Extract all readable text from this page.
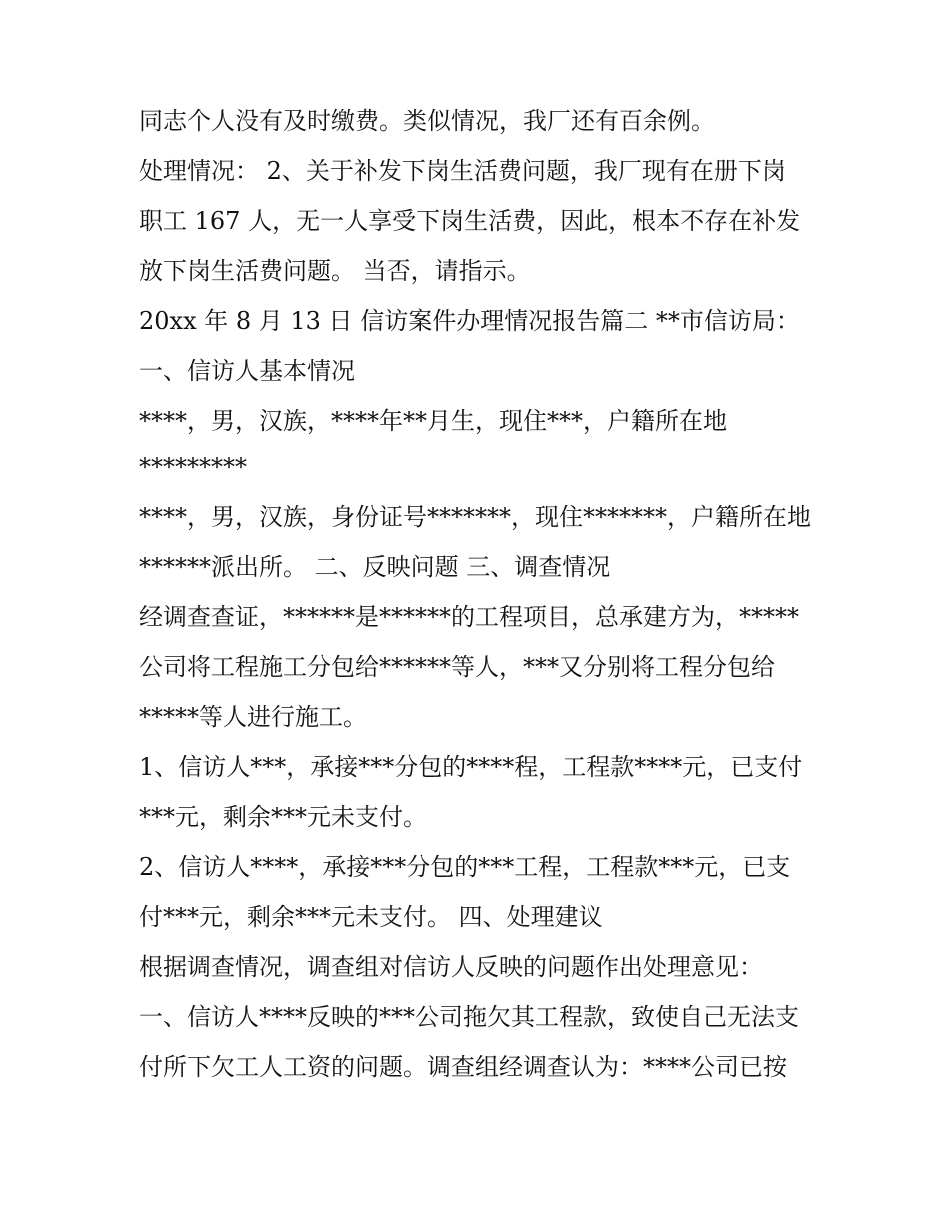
同志个人没有及时缴费。类似情况，我厂还有百余例。
处理情况： 2、关于补发下岗生活费问题，我厂现有在册下岗
职工 167 人，无一人享受下岗生活费，因此，根本不存在补发
放下岗生活费问题。 当否，请指示。
20xx 年 8 月 13 日 信访案件办理情况报告篇二 **市信访局：
一、信访人基本情况
****，男，汉族，****年**月生，现住***，户籍所在地
*********
****，男，汉族，身份证号*******，现住*******，户籍所在地
******派出所。 二、反映问题 三、调查情况
经调查查证，******是******的工程项目，总承建方为，*****
公司将工程施工分包给******等人，***又分别将工程分包给
*****等人进行施工。
1、信访人***，承接***分包的****程，工程款****元，已支付
***元，剩余***元未支付。
2、信访人****，承接***分包的***工程，工程款***元，已支
付***元，剩余***元未支付。 四、处理建议
根据调查情况，调查组对信访人反映的问题作出处理意见：
一、信访人****反映的***公司拖欠其工程款，致使自己无法支
付所下欠工人工资的问题。调查组经调查认为：****公司已按
